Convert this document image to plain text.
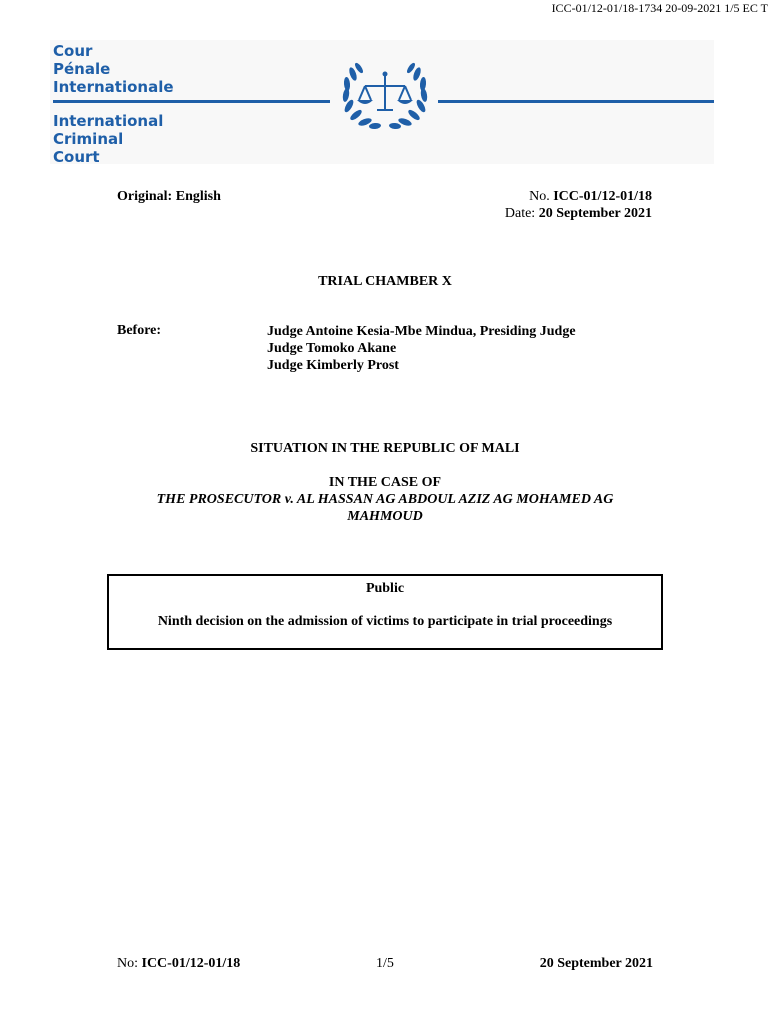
ICC-01/12-01/18-1734 20-09-2021 1/5 EC T
Cour
Pénale
Internationale
International
Criminal
Court
Original: English	No. ICC-01/12-01/18
Date: 20 September 2021
TRIAL CHAMBER X
Before:	Judge Antoine Kesia-Mbe Mindua, Presiding Judge
Judge Tomoko Akane
Judge Kimberly Prost
SITUATION IN THE REPUBLIC OF MALI
IN THE CASE OF
THE PROSECUTOR v. AL HASSAN AG ABDOUL AZIZ AG MOHAMED AG
MAHMOUD
Public
Ninth decision on the admission of victims to participate in trial proceedings
No: ICC-01/12-01/18	1/5	20 September 2021
